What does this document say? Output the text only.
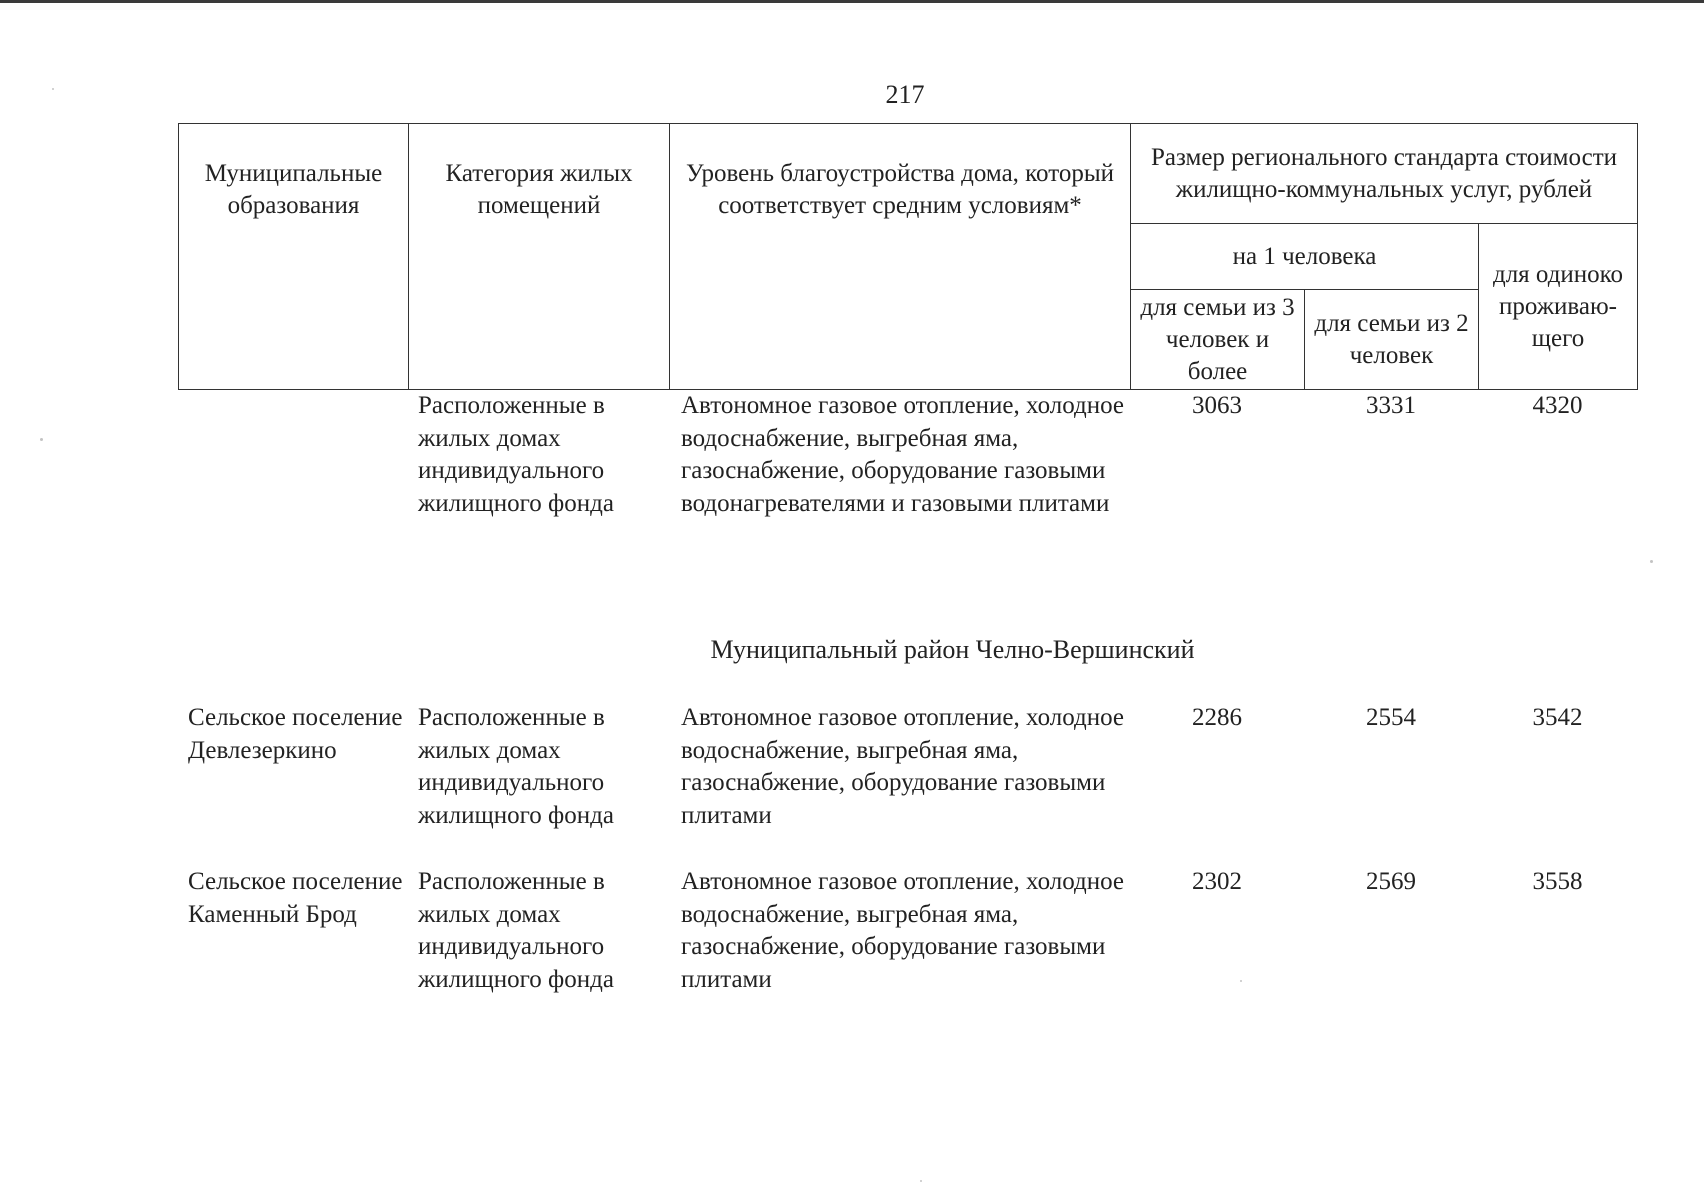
217
Муниципальные образования	Категория жилых помещений	Уровень благоустройства дома, который соответствует средним условиям*	Размер регионального стандарта стоимости жилищно-коммунальных услуг, рублей		
			на 1 человека		для одиноко проживаю-щего
			для семьи из 3 человек и более	для семьи из 2 человек	
	Расположенные в жилых домах индивидуального жилищного фонда	Автономное газовое отопление, холодное водоснабжение, выгребная яма, газоснабжение, оборудование газовыми водонагревателями и газовыми плитами	3063	3331	4320
Муниципальный район Челно-Вершинский					
Сельское поселение Девлезеркино	Расположенные в жилых домах индивидуального жилищного фонда	Автономное газовое отопление, холодное водоснабжение, выгребная яма, газоснабжение, оборудование газовыми плитами	2286	2554	3542
Сельское поселение Каменный Брод	Расположенные в жилых домах индивидуального жилищного фонда	Автономное газовое отопление, холодное водоснабжение, выгребная яма, газоснабжение, оборудование газовыми плитами	2302	2569	3558
